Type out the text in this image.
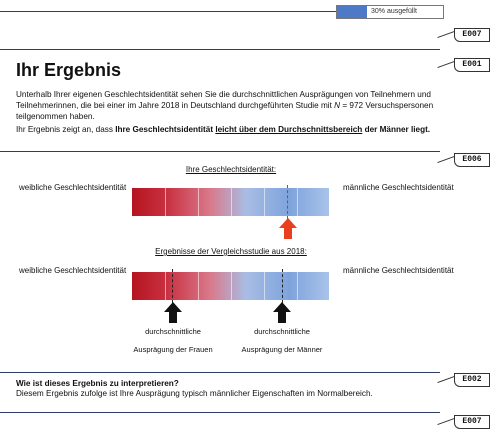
30% ausgefüllt
E007
E001
Ihr Ergebnis
Unterhalb Ihrer eigenen Geschlechtsidentität sehen Sie die durchschnittlichen Ausprägungen von Teilnehmern und
Teilnehmerinnen, die bei einer im Jahre 2018 in Deutschland durchgeführten Studie mit N = 972 Versuchspersonen
teilgenommen haben.
Ihr Ergebnis zeigt an, dass Ihre Geschlechtsidentität leicht über dem Durchschnittsbereich der Männer liegt.
E006
Ihre Geschlechtsidentität:
weibliche Geschlechtsidentität	männliche Geschlechtsidentität
Ergebnisse der Vergleichsstudie aus 2018:
weibliche Geschlechtsidentität	männliche Geschlechtsidentität
durchschnittliche

Ausprägung der Frauen
durchschnittliche

Ausprägung der Männer
E002
Wie ist dieses Ergebnis zu interpretieren?
Diesem Ergebnis zufolge ist Ihre Ausprägung typisch männlicher Eigenschaften im Normalbereich.
E007
